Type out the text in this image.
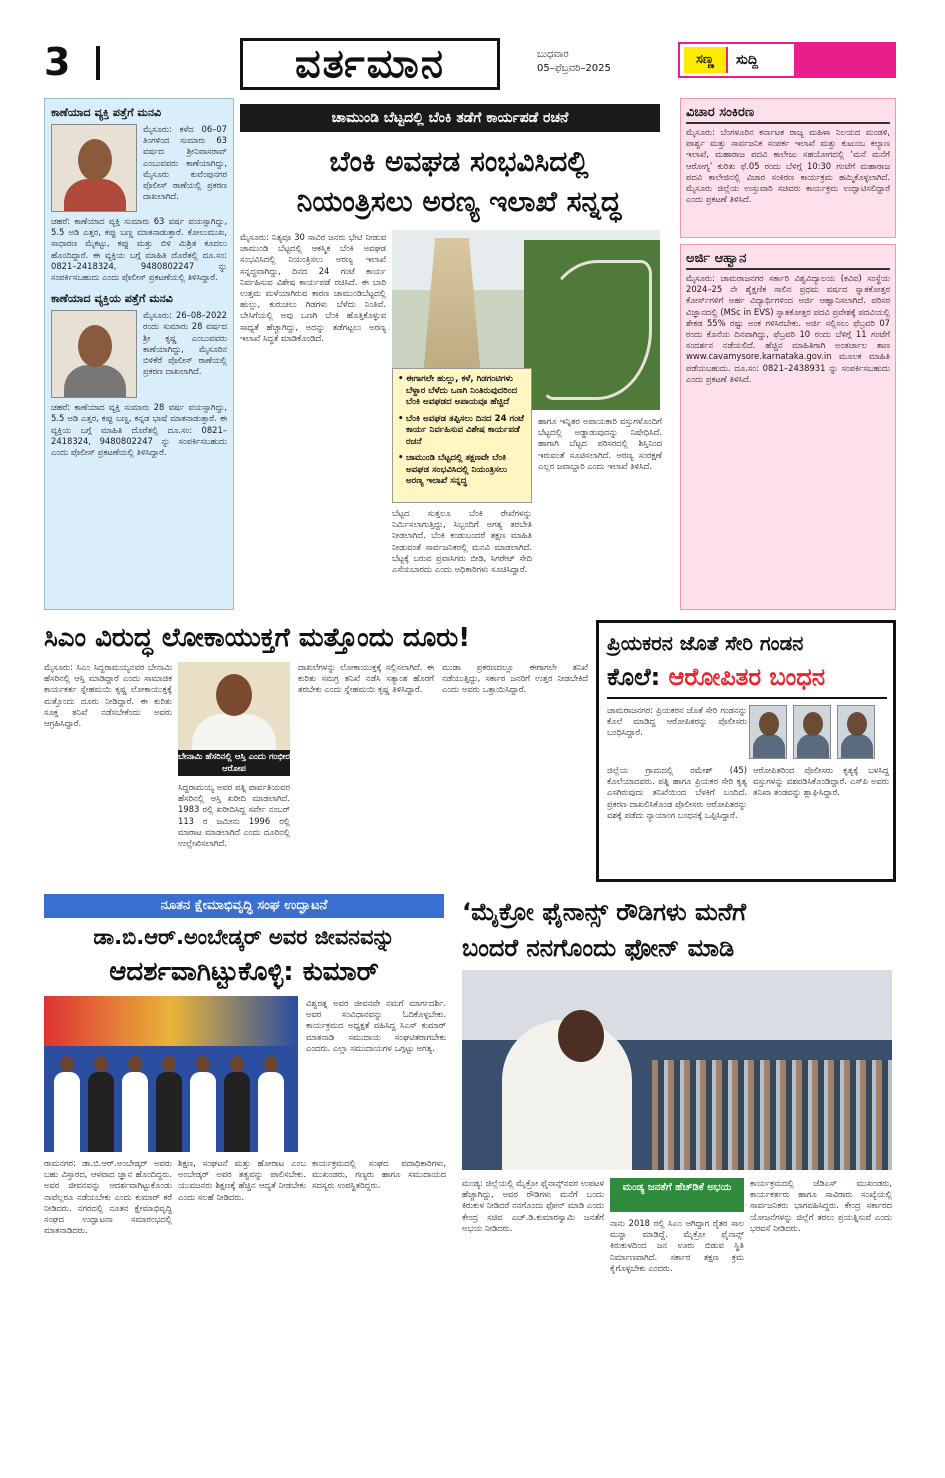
3	ವರ್ತಮಾನ	ಬುಧವಾರ
05–ಫೆಬ್ರವರಿ–2025
ಸಣ್ಣ	ಸುದ್ದಿ
ಕಾಣೆಯಾದ ವ್ಯಕ್ತಿ ಪತ್ತೆಗೆ ಮನವಿ
ಮೈಸೂರು: ಕಳೆದ 06–07 ತಿಂಗಳಿಂದ ಸುಮಾರು 63 ವರ್ಷದ ಶ್ರೀನಿವಾಸರಾವ್ ಎಂಬುವವರು ಕಾಣೆಯಾಗಿದ್ದು, ಮೈಸೂರು ಕುವೆಂಪುನಗರ ಪೊಲೀಸ್ ಠಾಣೆಯಲ್ಲಿ ಪ್ರಕರಣ ದಾಖಲಾಗಿದೆ.
ಚಹರೆ: ಕಾಣೆಯಾದ ವ್ಯಕ್ತಿ ಸುಮಾರು 63 ವರ್ಷ ವಯಸ್ಸಾಗಿದ್ದು, 5.5 ಅಡಿ ಎತ್ತರ, ಕಪ್ಪು ಬಣ್ಣ ಮಾತನಾಡುತ್ತಾರೆ. ಕೋಲುಮುಖ, ಸಾಧಾರಣ ಮೈಕಟ್ಟು, ಕಪ್ಪು ಮತ್ತು ಬಿಳಿ ಮಿಶ್ರಿತ ಕೂದಲು ಹೊಂದಿದ್ದಾರೆ. ಈ ವ್ಯಕ್ತಿಯ ಬಗ್ಗೆ ಮಾಹಿತಿ ದೊರೆತಲ್ಲಿ ದೂ.ಸಂ: 0821–2418324, 9480802247 ನ್ನು ಸಂಪರ್ಕಿಸಬಹುದು ಎಂದು ಪೊಲೀಸ್ ಪ್ರಕಟಣೆಯಲ್ಲಿ ತಿಳಿಸಿದ್ದಾರೆ.
ಕಾಣೆಯಾದ ವ್ಯಕ್ತಿಯ ಪತ್ತೆಗೆ ಮನವಿ
ಮೈಸೂರು: 26–08–2022 ರಂದು ಸುಮಾರು 28 ವರ್ಷದ ಶ್ರೀ ಕೃಷ್ಣ ಎಂಬುವವರು ಕಾಣೆಯಾಗಿದ್ದು, ಮೈಸೂರಿನ ಬಿಳಿಕೆರೆ ಪೊಲೀಸ್ ಠಾಣೆಯಲ್ಲಿ ಪ್ರಕರಣ ದಾಖಲಾಗಿದೆ.
ಚಹರೆ: ಕಾಣೆಯಾದ ವ್ಯಕ್ತಿ ಸುಮಾರು 28 ವರ್ಷ ವಯಸ್ಸಾಗಿದ್ದು, 5.5 ಅಡಿ ಎತ್ತರ, ಕಪ್ಪು ಬಣ್ಣ, ಕನ್ನಡ ಭಾಷೆ ಮಾತನಾಡುತ್ತಾರೆ. ಈ ವ್ಯಕ್ತಿಯ ಬಗ್ಗೆ ಮಾಹಿತಿ ದೊರೆತಲ್ಲಿ ದೂ.ಸಂ: 0821–2418324, 9480802247 ನ್ನು ಸಂಪರ್ಕಿಸಬಹುದು ಎಂದು ಪೊಲೀಸ್ ಪ್ರಕಟಣೆಯಲ್ಲಿ ತಿಳಿಸಿದ್ದಾರೆ.
ಚಾಮುಂಡಿ ಬೆಟ್ಟದಲ್ಲಿ ಬೆಂಕಿ ತಡೆಗೆ ಕಾರ್ಯಪಡೆ ರಚನೆ
ಬೆಂಕಿ ಅವಘಡ ಸಂಭವಿಸಿದಲ್ಲಿ
ನಿಯಂತ್ರಿಸಲು ಅರಣ್ಯ ಇಲಾಖೆ ಸನ್ನದ್ಧ
ಮೈಸೂರು: ನಿತ್ಯವೂ 30 ಸಾವಿರ ಜನರು ಭೇಟಿ ನೀಡುವ ಚಾಮುಂಡಿ ಬೆಟ್ಟದಲ್ಲಿ ಆಕಸ್ಮಿಕ ಬೆಂಕಿ ಅವಘಡ ಸಂಭವಿಸಿದಲ್ಲಿ ನಿಯಂತ್ರಿಸಲು ಅರಣ್ಯ ಇಲಾಖೆ ಸನ್ನದ್ಧವಾಗಿದ್ದು, ದಿನದ 24 ಗಂಟೆ ಕಾರ್ಯ ನಿರ್ವಹಿಸುವ ವಿಶೇಷ ಕಾರ್ಯಪಡೆ ರಚಿಸಿದೆ. ಈ ಬಾರಿ ಉತ್ತಮ ಮಳೆಯಾಗಿರುವ ಕಾರಣ ಚಾಮುಂಡಿಬೆಟ್ಟದಲ್ಲಿ ಹುಲ್ಲು, ಕುರುಚಲು ಗಿಡಗಳು ಬೆಳೆದು ನಿಂತಿವೆ. ಬೇಸಿಗೆಯಲ್ಲಿ ಅವು ಒಣಗಿ ಬೆಂಕಿ ಹೊತ್ತಿಕೊಳ್ಳುವ ಸಾಧ್ಯತೆ ಹೆಚ್ಚಾಗಿದ್ದು, ಅದನ್ನು ತಡೆಗಟ್ಟಲು ಅರಣ್ಯ ಇಲಾಖೆ ಸಿದ್ಧತೆ ಮಾಡಿಕೊಂಡಿದೆ.
• ಈಗಾಗಲೇ ಹುಲ್ಲು, ಕಳೆ, ಗಿಡಗಂಟಿಗಳು ಬೆಳ್ದಾರ ಬೆಳೆದು ಒಣಗಿ ನಿಂತಿರುವುದರಿಂದ ಬೆಂಕಿ ಅವಘಡದ ಅಪಾಯವೂ ಹೆಚ್ಚಿದೆ
• ಬೆಂಕಿ ಅವಘಡ ತಪ್ಪಿಸಲು ದಿನದ 24 ಗಂಟೆ ಕಾರ್ಯ ನಿರ್ವಹಿಸುವ ವಿಶೇಷ ಕಾರ್ಯಪಡೆ ರಚನೆ
• ಚಾಮುಂಡಿ ಬೆಟ್ಟದಲ್ಲಿ ತಕ್ಷಣವೇ ಬೆಂಕಿ ಅವಘಡ ಸಂಭವಿಸಿದಲ್ಲಿ ನಿಯಂತ್ರಿಸಲು ಅರಣ್ಯ ಇಲಾಖೆ ಸನ್ನದ್ಧ
ಬೆಟ್ಟದ ಸುತ್ತಲೂ ಬೆಂಕಿ ರೇಖೆಗಳನ್ನು ನಿರ್ಮಿಸಲಾಗುತ್ತಿದ್ದು, ಸಿಬ್ಬಂದಿಗೆ ಅಗತ್ಯ ತರಬೇತಿ ನೀಡಲಾಗಿದೆ. ಬೆಂಕಿ ಕಂಡುಬಂದರೆ ತಕ್ಷಣ ಮಾಹಿತಿ ನೀಡುವಂತೆ ಸಾರ್ವಜನಿಕರಲ್ಲಿ ಮನವಿ ಮಾಡಲಾಗಿದೆ. ಬೆಟ್ಟಕ್ಕೆ ಬರುವ ಪ್ರವಾಸಿಗರು ಬೀಡಿ, ಸಿಗರೇಟ್ ಸೇದಿ ಎಸೆಯಬಾರದು ಎಂದು ಅಧಿಕಾರಿಗಳು ಸೂಚಿಸಿದ್ದಾರೆ.
ಹಾಗೂ ಇನ್ನಿತರ ಅಪಾಯಕಾರಿ ವಸ್ತುಗಳೊಂದಿಗೆ ಬೆಟ್ಟದಲ್ಲಿ ಅಡ್ಡಾಡುವುದನ್ನು ನಿಷೇಧಿಸಿದೆ. ಹಾಗಾಗಿ ಬೆಟ್ಟದ ಪರಿಸರದಲ್ಲಿ ಶಿಸ್ತಿನಿಂದ ಇರುವಂತೆ ಸೂಚಿಸಲಾಗಿದೆ. ಅರಣ್ಯ ಸಂರಕ್ಷಣೆ ಎಲ್ಲರ ಜವಾಬ್ದಾರಿ ಎಂದು ಇಲಾಖೆ ತಿಳಿಸಿದೆ.
ವಿಚಾರ ಸಂಕಿರಣ
ಮೈಸೂರು: ಬೆಂಗಳೂರಿನ ಕರ್ನಾಟಕ ರಾಜ್ಯ ಮಹಿಳಾ ನಿಲಯದ ಮಂಡಳಿ, ಪಾರ್ಶ್ವ ಮತ್ತು ಸಾರ್ವಜನಿಕ ಸಂಪರ್ಕ ಇಲಾಖೆ ಮತ್ತು ಕುಟುಂಬ ಕಲ್ಯಾಣ ಇಲಾಖೆ, ಮಹಾರಾಜ ಪದವಿ ಕಾಲೇಜು ಸಹಯೋಗದಲ್ಲಿ ‘ಮನೆ ಮನೆಗೆ ಆರೋಗ್ಯ’ ಕುರಿತು ಫೆ.05 ರಂದು ಬೆಳಿಗ್ಗೆ 10:30 ಗಂಟೆಗೆ ಮಹಾರಾಜ ಪದವಿ ಕಾಲೇಜಿನಲ್ಲಿ ವಿಚಾರ ಸಂಕಿರಣ ಕಾರ್ಯಕ್ರಮ ಹಮ್ಮಿಕೊಳ್ಳಲಾಗಿದೆ. ಮೈಸೂರು ಜಿಲ್ಲೆಯ ಉಸ್ತುವಾರಿ ಸಚಿವರು ಕಾರ್ಯಕ್ರಮ ಉದ್ಘಾಟಿಸಲಿದ್ದಾರೆ ಎಂದು ಪ್ರಕಟಣೆ ತಿಳಿಸಿದೆ.
ಅರ್ಜಿ ಆಹ್ವಾನ
ಮೈಸೂರು: ಚಾಮರಾಜನಗರ ಸರ್ಕಾರಿ ವಿಶ್ವವಿದ್ಯಾಲಯ (ಕವಿವ) ಸಂಸ್ಥೆಯ 2024–25 ನೇ ಶೈಕ್ಷಣಿಕ ಸಾಲಿನ ಪ್ರಥಮ ವರ್ಷದ ಸ್ನಾತಕೋತ್ತರ ಕೋರ್ಸ್‌ಗಳಿಗೆ ಅರ್ಹ ವಿದ್ಯಾರ್ಥಿಗಳಿಂದ ಅರ್ಜಿ ಆಹ್ವಾನಿಸಲಾಗಿದೆ. ಪರಿಸರ ವಿಜ್ಞಾನದಲ್ಲಿ (MSc in EVS) ಸ್ನಾತಕೋತ್ತರ ಪದವಿ ಪ್ರವೇಶಕ್ಕೆ ಪದವಿಯಲ್ಲಿ ಶೇಕಡ 55% ರಷ್ಟು ಅಂಕ ಗಳಿಸಿರಬೇಕು. ಅರ್ಜಿ ಸಲ್ಲಿಸಲು ಫೆಬ್ರವರಿ 07 ರಂದು ಕೊನೆಯ ದಿನವಾಗಿದ್ದು, ಫೆಬ್ರವರಿ 10 ರಂದು ಬೆಳಿಗ್ಗೆ 11 ಗಂಟೆಗೆ ಸಂದರ್ಶನ ನಡೆಯಲಿದೆ. ಹೆಚ್ಚಿನ ಮಾಹಿತಿಗಾಗಿ ಅಂತರ್ಜಾಲ ತಾಣ www.cavamysore.karnataka.gov.in ಮೂಲಕ ಮಾಹಿತಿ ಪಡೆಯಬಹುದು. ದೂ.ಸಂ: 0821–2438931 ನ್ನು ಸಂಪರ್ಕಿಸಬಹುದು ಎಂದು ಪ್ರಕಟಣೆ ತಿಳಿಸಿದೆ.
ಸಿಎಂ ವಿರುದ್ಧ ಲೋಕಾಯುಕ್ತಗೆ ಮತ್ತೊಂದು ದೂರು!
ಮೈಸೂರು: ಸಿಎಂ ಸಿದ್ದರಾಮಯ್ಯನವರ ಬೇನಾಮಿ ಹೆಸರಿನಲ್ಲಿ ಆಸ್ತಿ ಮಾಡಿದ್ದಾರೆ ಎಂದು ಸಾಮಾಜಿಕ ಕಾರ್ಯಕರ್ತ ಸ್ನೇಹಮಯಿ ಕೃಷ್ಣ ಲೋಕಾಯುಕ್ತಕ್ಕೆ ಮತ್ತೊಂದು ದೂರು ನೀಡಿದ್ದಾರೆ. ಈ ಕುರಿತು ಸೂಕ್ತ ತನಿಖೆ ನಡೆಸಬೇಕೆಂದು ಅವರು ಆಗ್ರಹಿಸಿದ್ದಾರೆ.
ಬೇನಾಮಿ ಹೆಸರಿನಲ್ಲಿ ಆಸ್ತಿ ಎಂದು ಗಂಭೀರ ಆರೋಪ
ಸಿದ್ದರಾಮಯ್ಯ ಅವರ ಪತ್ನಿ ಪಾರ್ವತಿಯವರ ಹೆಸರಿನಲ್ಲಿ ಆಸ್ತಿ ಖರೀದಿ ಮಾಡಲಾಗಿದೆ. 1983 ರಲ್ಲಿ ಖರೀದಿಸಿದ್ದ ಸರ್ವೇ ನಂಬರ್ 113 ರ ಜಮೀನು 1996 ರಲ್ಲಿ ಮಾರಾಟ ಮಾಡಲಾಗಿದೆ ಎಂದು ದೂರಿನಲ್ಲಿ ಉಲ್ಲೇಖಿಸಲಾಗಿದೆ.
ದಾಖಲೆಗಳನ್ನು ಲೋಕಾಯುಕ್ತಕ್ಕೆ ಸಲ್ಲಿಸಲಾಗಿದೆ. ಈ ಕುರಿತು ಸಮಗ್ರ ತನಿಖೆ ನಡೆಸಿ ಸತ್ಯಾಂಶ ಹೊರಗೆ ತರಬೇಕು ಎಂದು ಸ್ನೇಹಮಯಿ ಕೃಷ್ಣ ತಿಳಿಸಿದ್ದಾರೆ.
ಮುಡಾ ಪ್ರಕರಣದಲ್ಲೂ ಈಗಾಗಲೇ ತನಿಖೆ ನಡೆಯುತ್ತಿದ್ದು, ಸರ್ಕಾರ ಜನರಿಗೆ ಉತ್ತರ ನೀಡಬೇಕಿದೆ ಎಂದು ಅವರು ಒತ್ತಾಯಿಸಿದ್ದಾರೆ.
ಪ್ರಿಯಕರನ ಜೊತೆ ಸೇರಿ ಗಂಡನ
ಕೊಲೆ: ಆರೋಪಿತರ ಬಂಧನ
ಚಾಮರಾಜನಗರ: ಪ್ರಿಯಕರನ ಜೊತೆ ಸೇರಿ ಗಂಡನನ್ನು ಕೊಲೆ ಮಾಡಿದ್ದ ಆರೋಪಿತರನ್ನು ಪೊಲೀಸರು ಬಂಧಿಸಿದ್ದಾರೆ.
ಜಿಲ್ಲೆಯ ಗ್ರಾಮದಲ್ಲಿ ರಮೇಶ್ (45) ಕೊಲೆಯಾದವರು. ಪತ್ನಿ ಹಾಗೂ ಪ್ರಿಯಕರ ಸೇರಿ ಕೃತ್ಯ ಎಸಗಿರುವುದು ತನಿಖೆಯಿಂದ ಬೆಳಕಿಗೆ ಬಂದಿದೆ. ಪ್ರಕರಣ ದಾಖಲಿಸಿಕೊಂಡ ಪೊಲೀಸರು ಆರೋಪಿತರನ್ನು ವಶಕ್ಕೆ ಪಡೆದು ನ್ಯಾಯಾಂಗ ಬಂಧನಕ್ಕೆ ಒಪ್ಪಿಸಿದ್ದಾರೆ.
ಆರೋಪಿತರಿಂದ ಪೊಲೀಸರು ಕೃತ್ಯಕ್ಕೆ ಬಳಸಿದ್ದ ವಸ್ತುಗಳನ್ನು ವಶಪಡಿಸಿಕೊಂಡಿದ್ದಾರೆ. ಎಸ್‌ಪಿ ಅವರು ತನಿಖಾ ತಂಡವನ್ನು ಶ್ಲಾಘಿಸಿದ್ದಾರೆ.
ನೂತನ ಕ್ಷೇಮಾಭಿವೃದ್ಧಿ ಸಂಘ ಉದ್ಘಾಟನೆ
ಡಾ.ಬಿ.ಆರ್.ಅಂಬೇಡ್ಕರ್ ಅವರ ಜೀವನವನ್ನು
ಆದರ್ಶವಾಗಿಟ್ಟುಕೊಳ್ಳಿ: ಕುಮಾರ್
ವಿಶ್ವರತ್ನ ಅವರ ಜೀವನವೇ ನಮಗೆ ಮಾರ್ಗದರ್ಶಿ. ಅವರ ಸಂವಿಧಾನವನ್ನು ಓದಿಕೊಳ್ಳಬೇಕು. ಕಾರ್ಯಕ್ರಮದ ಅಧ್ಯಕ್ಷತೆ ವಹಿಸಿದ್ದ ಸಿಎಸ್ ಕುಮಾರ್ ಮಾತನಾಡಿ ಸಮುದಾಯ ಸಂಘಟಿತರಾಗಬೇಕು ಎಂದರು. ಎಲ್ಲಾ ಸಮುದಾಯಗಳ ಒಗ್ಗಟ್ಟು ಅಗತ್ಯ.
ರಾಮನಗರ: ಡಾ.ಬಿ.ಆರ್.ಅಂಬೇಡ್ಕರ್ ಅವರು ಬಹು ವಿಸ್ತಾರದ, ಆಳವಾದ ಜ್ಞಾನ ಹೊಂದಿದ್ದರು. ಅವರ ಜೀವನವನ್ನು ಆದರ್ಶವಾಗಿಟ್ಟುಕೊಂಡು ನಾವೆಲ್ಲರೂ ನಡೆಯಬೇಕು ಎಂದು ಕುಮಾರ್ ಕರೆ ನೀಡಿದರು. ನಗರದಲ್ಲಿ ನೂತನ ಕ್ಷೇಮಾಭಿವೃದ್ಧಿ ಸಂಘದ ಉದ್ಘಾಟನಾ ಸಮಾರಂಭದಲ್ಲಿ ಮಾತನಾಡಿದರು.
ಶಿಕ್ಷಣ, ಸಂಘಟನೆ ಮತ್ತು ಹೋರಾಟ ಎಂಬ ಅಂಬೇಡ್ಕರ್ ಅವರ ತತ್ವವನ್ನು ಪಾಲಿಸಬೇಕು. ಯುವಜನರು ಶಿಕ್ಷಣಕ್ಕೆ ಹೆಚ್ಚಿನ ಆದ್ಯತೆ ನೀಡಬೇಕು ಎಂದು ಸಲಹೆ ನೀಡಿದರು.
ಕಾರ್ಯಕ್ರಮದಲ್ಲಿ ಸಂಘದ ಪದಾಧಿಕಾರಿಗಳು, ಮುಖಂಡರು, ಗಣ್ಯರು ಹಾಗೂ ಸಮುದಾಯದ ಸದಸ್ಯರು ಉಪಸ್ಥಿತರಿದ್ದರು.
‘ಮೈಕ್ರೋ ಫೈನಾನ್ಸ್ ರೌಡಿಗಳು ಮನೆಗೆ
ಬಂದರೆ ನನಗೊಂದು ಫೋನ್ ಮಾಡಿ
ಮಂಡ್ಯ: ಜಿಲ್ಲೆಯಲ್ಲಿ ಮೈಕ್ರೋ ಫೈನಾನ್ಸ್‌ನವರ ಉಪಟಳ ಹೆಚ್ಚಾಗಿದ್ದು, ಅವರ ರೌಡಿಗಳು ಮನೆಗೆ ಬಂದು ಕಿರುಕುಳ ನೀಡಿದರೆ ನನಗೊಂದು ಫೋನ್ ಮಾಡಿ ಎಂದು ಕೇಂದ್ರ ಸಚಿವ ಎಚ್.ಡಿ.ಕುಮಾರಸ್ವಾಮಿ ಜನತೆಗೆ ಅಭಯ ನೀಡಿದರು.
ಮಂಡ್ಯ ಜನತೆಗೆ ಹೆಚ್‌ಡಿಕೆ ಅಭಯ
ನಾನು 2018 ರಲ್ಲಿ ಸಿಎಂ ಆಗಿದ್ದಾಗ ರೈತರ ಸಾಲ ಮನ್ನಾ ಮಾಡಿದ್ದೆ. ಮೈಕ್ರೋ ಫೈನಾನ್ಸ್ ಕಿರುಕುಳದಿಂದ ಜನ ಊರು ಬಿಡುವ ಸ್ಥಿತಿ ನಿರ್ಮಾಣವಾಗಿದೆ. ಸರ್ಕಾರ ತಕ್ಷಣ ಕ್ರಮ ಕೈಗೊಳ್ಳಬೇಕು ಎಂದರು.
ಕಾರ್ಯಕ್ರಮದಲ್ಲಿ ಜೆಡಿಎಸ್ ಮುಖಂಡರು, ಕಾರ್ಯಕರ್ತರು ಹಾಗೂ ಸಾವಿರಾರು ಸಂಖ್ಯೆಯಲ್ಲಿ ಸಾರ್ವಜನಿಕರು ಭಾಗವಹಿಸಿದ್ದರು. ಕೇಂದ್ರ ಸರ್ಕಾರದ ಯೋಜನೆಗಳನ್ನು ಜಿಲ್ಲೆಗೆ ತರಲು ಪ್ರಯತ್ನಿಸುವೆ ಎಂದು ಭರವಸೆ ನೀಡಿದರು.
